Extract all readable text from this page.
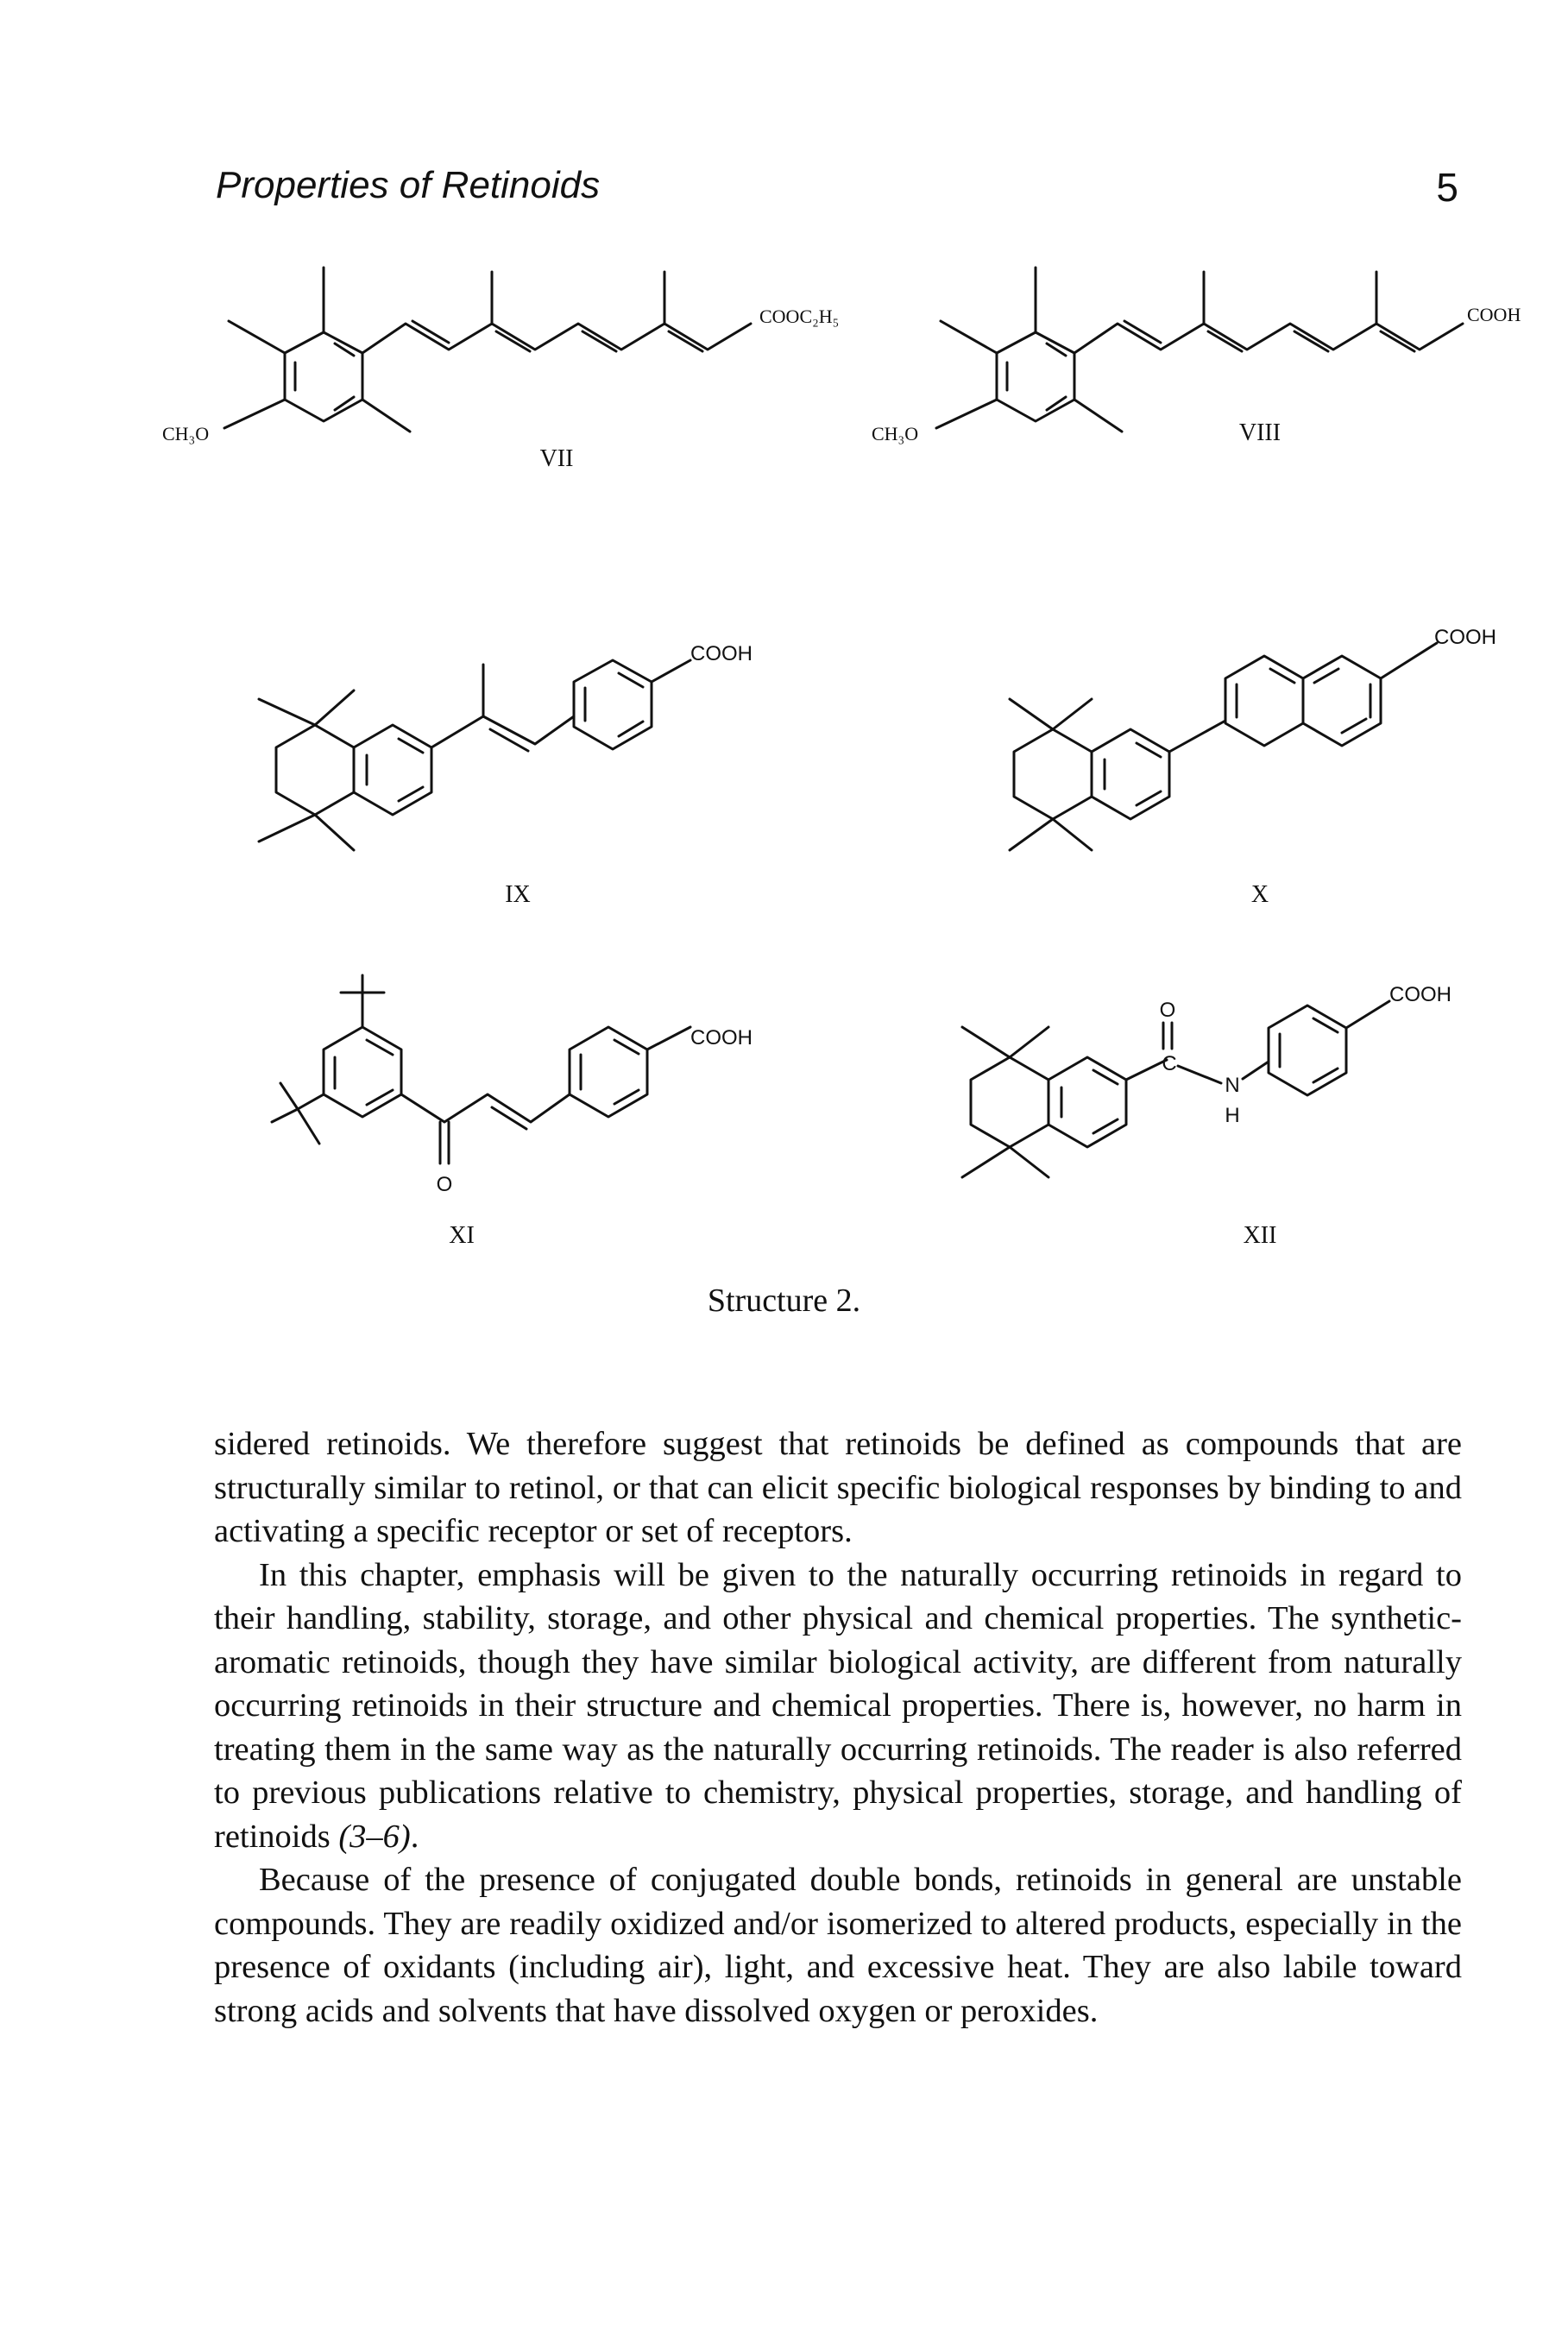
Properties of Retinoids	5
COOC₂H₅
CH₃O
VII
COOH
CH₃O	VIII
COOH
IX
COOH
X
COOH
O
XI
COOH
O
C
N
H
XII
Structure 2.

sidered retinoids. We therefore suggest that retinoids be defined as compounds that are structurally similar to retinol, or that can elicit specific biological responses by binding to and activating a specific receptor or set of receptors.

In this chapter, emphasis will be given to the naturally occurring retinoids in regard to their handling, stability, storage, and other physical and chemical properties. The synthetic-aromatic retinoids, though they have similar biological activity, are different from naturally occurring retinoids in their structure and chemical properties. There is, however, no harm in treating them in the same way as the naturally occurring retinoids. The reader is also referred to previous publications relative to chemistry, physical properties, storage, and handling of retinoids (3–6).

Because of the presence of conjugated double bonds, retinoids in general are unstable compounds. They are readily oxidized and/or isomerized to altered products, especially in the presence of oxidants (including air), light, and excessive heat. They are also labile toward strong acids and solvents that have dissolved oxygen or peroxides.
